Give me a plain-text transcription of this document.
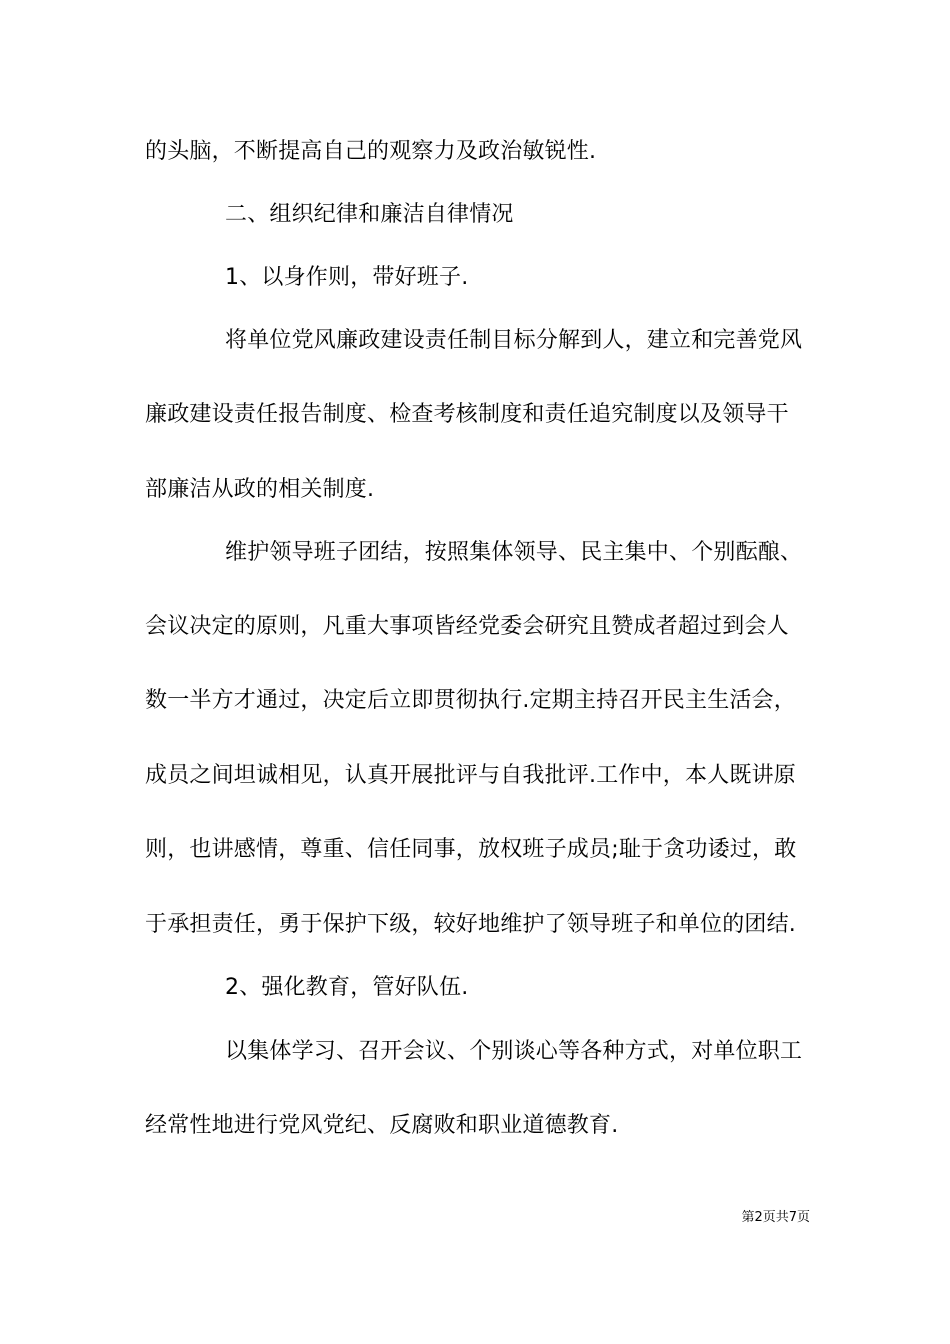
的头脑，不断提高自己的观察力及政治敏锐性.
二、组织纪律和廉洁自律情况
1、以身作则，带好班子.
将单位党风廉政建设责任制目标分解到人，建立和完善党风
廉政建设责任报告制度、检查考核制度和责任追究制度以及领导干
部廉洁从政的相关制度.
维护领导班子团结，按照集体领导、民主集中、个别酝酿、
会议决定的原则，凡重大事项皆经党委会研究且赞成者超过到会人
数一半方才通过，决定后立即贯彻执行.定期主持召开民主生活会，
成员之间坦诚相见，认真开展批评与自我批评.工作中，本人既讲原
则，也讲感情，尊重、信任同事，放权班子成员;耻于贪功诿过，敢
于承担责任，勇于保护下级，较好地维护了领导班子和单位的团结.
2、强化教育，管好队伍.
以集体学习、召开会议、个别谈心等各种方式，对单位职工
经常性地进行党风党纪、反腐败和职业道德教育.
第2页共7页
